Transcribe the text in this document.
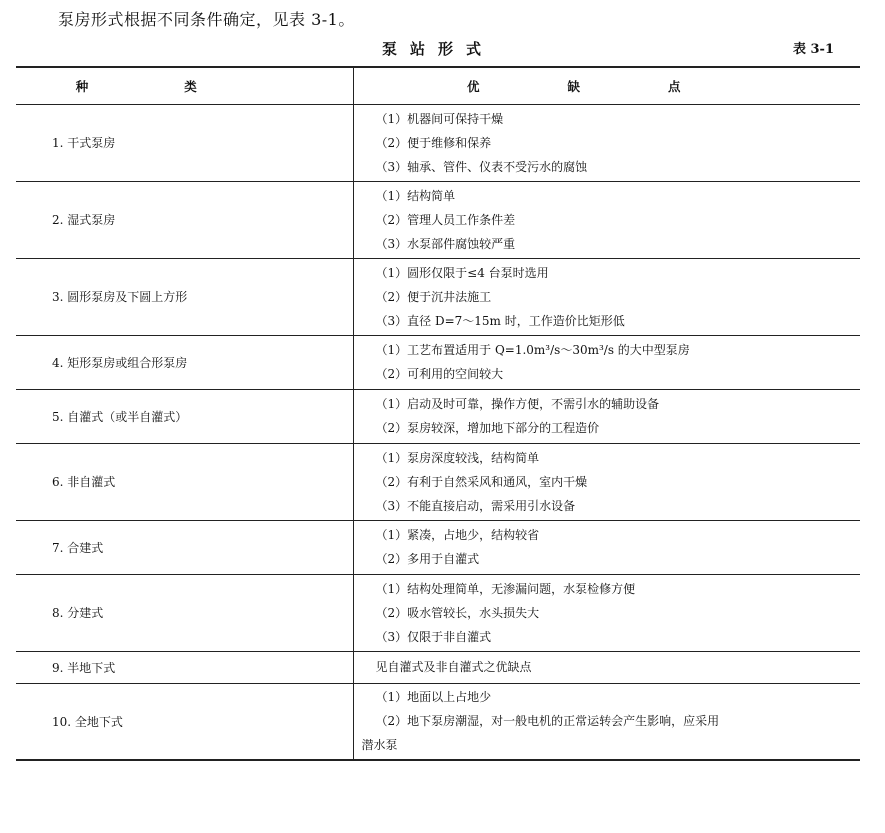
泵房形式根据不同条件确定，见表 3-1。
泵站形式	表 3-1
种类	优缺点
1. 干式泵房	（1）机器间可保持干燥
（2）便于维修和保养
（3）轴承、管件、仪表不受污水的腐蚀

2. 湿式泵房	（1）结构简单
（2）管理人员工作条件差
（3）水泵部件腐蚀较严重

3. 圆形泵房及下圆上方形	（1）圆形仅限于≤4 台泵时选用
（2）便于沉井法施工
（3）直径 D=7～15m 时，工作造价比矩形低

4. 矩形泵房或组合形泵房	（1）工艺布置适用于 Q=1.0m³/s～30m³/s 的大中型泵房
（2）可利用的空间较大

5. 自灌式（或半自灌式）	（1）启动及时可靠，操作方便，不需引水的辅助设备
（2）泵房较深，增加地下部分的工程造价

6. 非自灌式	（1）泵房深度较浅，结构简单
（2）有利于自然采风和通风，室内干燥
（3）不能直接启动，需采用引水设备

7. 合建式	（1）紧凑，占地少，结构较省
（2）多用于自灌式

8. 分建式	（1）结构处理简单，无渗漏问题，水泵检修方便
（2）吸水管较长，水头损失大
（3）仅限于非自灌式

9. 半地下式	见自灌式及非自灌式之优缺点

10. 全地下式	（1）地面以上占地少
（2）地下泵房潮湿，对一般电机的正常运转会产生影响，应采用
潜水泵
